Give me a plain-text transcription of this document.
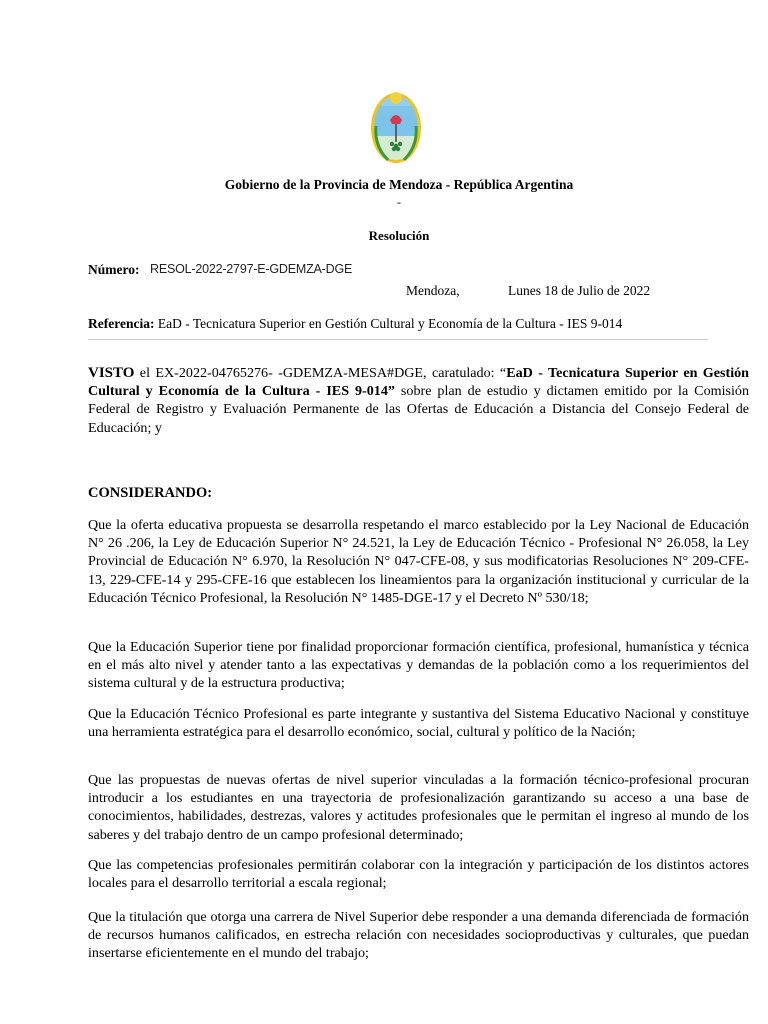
Gobierno de la Provincia de Mendoza - República Argentina
-
Resolución
Número: RESOL-2022-2797-E-GDEMZA-DGE
Mendoza,	Lunes 18 de Julio de 2022
Referencia: EaD - Tecnicatura Superior en Gestión Cultural y Economía de la Cultura - IES 9-014
VISTO el EX-2022-04765276- -GDEMZA-MESA#DGE, caratulado: “EaD - Tecnicatura Superior en Gestión Cultural y Economía de la Cultura - IES 9-014” sobre plan de estudio y dictamen emitido por la Comisión Federal de Registro y Evaluación Permanente de las Ofertas de Educación a Distancia del Consejo Federal de Educación; y
CONSIDERANDO:
Que la oferta educativa propuesta se desarrolla respetando el marco establecido por la Ley Nacional de Educación N° 26 .206, la Ley de Educación Superior N° 24.521, la Ley de Educación Técnico - Profesional N° 26.058, la Ley Provincial de Educación N° 6.970, la Resolución N° 047-CFE-08, y sus modificatorias Resoluciones N° 209-CFE-13, 229-CFE-14 y 295-CFE-16 que establecen los lineamientos para la organización institucional y curricular de la Educación Técnico Profesional, la Resolución N° 1485-DGE-17 y el Decreto Nº 530/18;
Que la Educación Superior tiene por finalidad proporcionar formación científica, profesional, humanística y técnica en el más alto nivel y atender tanto a las expectativas y demandas de la población como a los requerimientos del sistema cultural y de la estructura productiva;
Que la Educación Técnico Profesional es parte integrante y sustantiva del Sistema Educativo Nacional y constituye una herramienta estratégica para el desarrollo económico, social, cultural y político de la Nación;
Que las propuestas de nuevas ofertas de nivel superior vinculadas a la formación técnico-profesional procuran introducir a los estudiantes en una trayectoria de profesionalización garantizando su acceso a una base de conocimientos, habilidades, destrezas, valores y actitudes profesionales que le permitan el ingreso al mundo de los saberes y del trabajo dentro de un campo profesional determinado;
Que las competencias profesionales permitirán colaborar con la integración y participación de los distintos actores locales para el desarrollo territorial a escala regional;
Que la titulación que otorga una carrera de Nivel Superior debe responder a una demanda diferenciada de formación de recursos humanos calificados, en estrecha relación con necesidades socioproductivas y culturales, que puedan insertarse eficientemente en el mundo del trabajo;
